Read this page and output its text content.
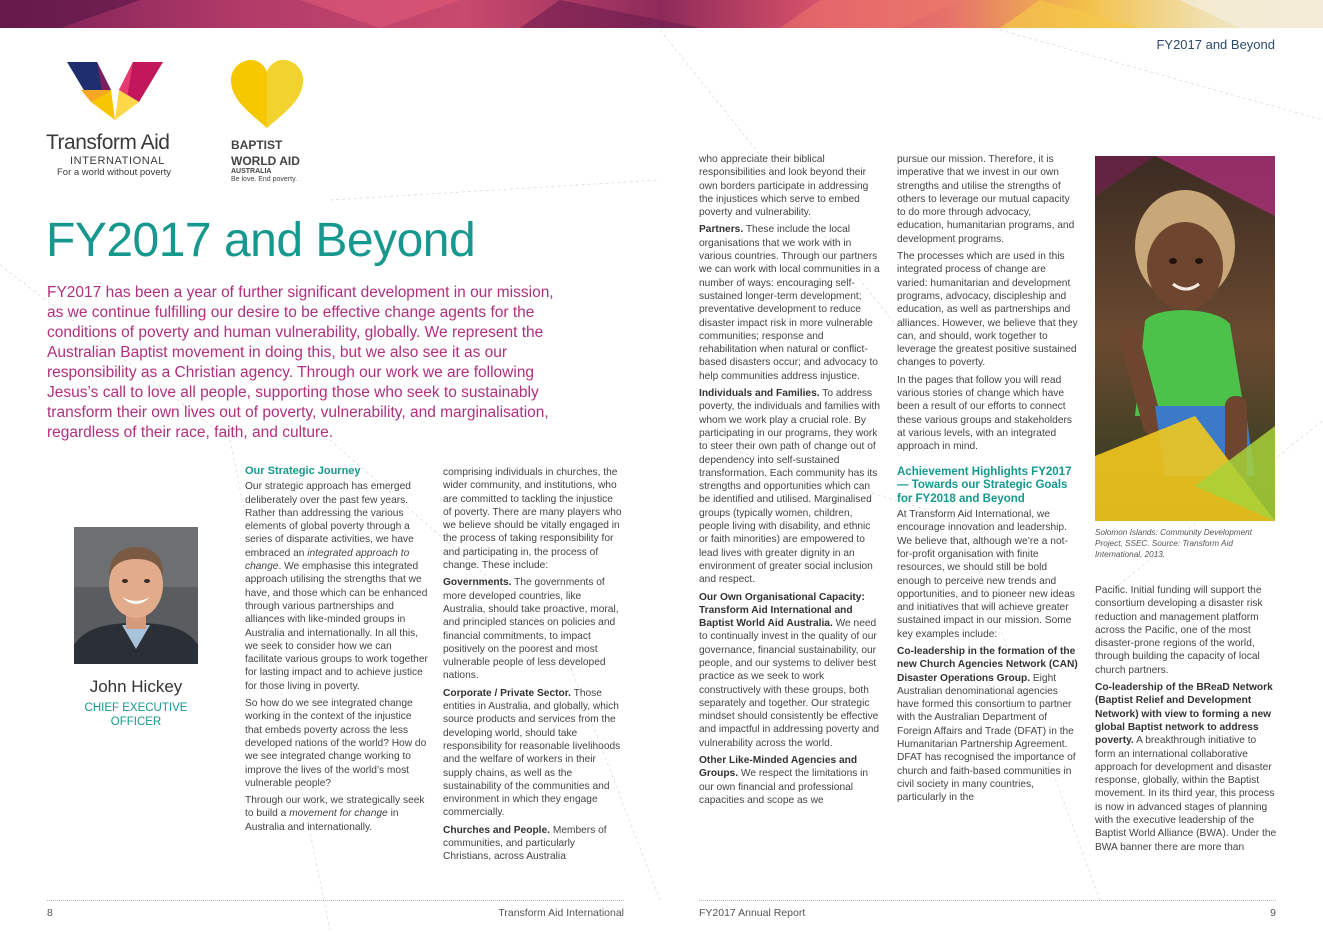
FY2017 and Beyond
Transform Aid
INTERNATIONAL
For a world without poverty
BAPTIST
WORLD AID
AUSTRALIA
Be love. End poverty.
FY2017 and Beyond

FY2017 has been a year of further significant development in our mission, as we continue fulfilling our desire to be effective change agents for the conditions of poverty and human vulnerability, globally. We represent the Australian Baptist movement in doing this, but we also see it as our responsibility as a Christian agency. Through our work we are following Jesus’s call to love all people, supporting those who seek to sustainably transform their own lives out of poverty, vulnerability, and marginalisation, regardless of their race, faith, and culture.

John Hickey
CHIEF EXECUTIVE OFFICER
Our Strategic Journey

Our strategic approach has emerged deliberately over the past few years. Rather than addressing the various elements of global poverty through a series of disparate activities, we have embraced an integrated approach to change. We emphasise this integrated approach utilising the strengths that we have, and those which can be enhanced through various partnerships and alliances with like-minded groups in Australia and internationally. In all this, we seek to consider how we can facilitate various groups to work together for lasting impact and to achieve justice for those living in poverty.

So how do we see integrated change working in the context of the injustice that embeds poverty across the less developed nations of the world? How do we see integrated change working to improve the lives of the world’s most vulnerable people?

Through our work, we strategically seek to build a movement for change in Australia and internationally.

comprising individuals in churches, the wider community, and institutions, who are committed to tackling the injustice of poverty. There are many players who we believe should be vitally engaged in the process of taking responsibility for and participating in, the process of change. These include:

Governments. The governments of more developed countries, like Australia, should take proactive, moral, and principled stances on policies and financial commitments, to impact positively on the poorest and most vulnerable people of less developed nations.

Corporate / Private Sector. Those entities in Australia, and globally, which source products and services from the developing world, should take responsibility for reasonable livelihoods and the welfare of workers in their supply chains, as well as the sustainability of the communities and environment in which they engage commercially.

Churches and People. Members of communities, and particularly Christians, across Australia

who appreciate their biblical responsibilities and look beyond their own borders participate in addressing the injustices which serve to embed poverty and vulnerability.

Partners. These include the local organisations that we work with in various countries. Through our partners we can work with local communities in a number of ways: encouraging self-sustained longer-term development; preventative development to reduce disaster impact risk in more vulnerable communities; response and rehabilitation when natural or conflict-based disasters occur; and advocacy to help communities address injustice.

Individuals and Families. To address poverty, the individuals and families with whom we work play a crucial role. By participating in our programs, they work to steer their own path of change out of dependency into self-sustained transformation. Each community has its strengths and opportunities which can be identified and utilised. Marginalised groups (typically women, children, people living with disability, and ethnic or faith minorities) are empowered to lead lives with greater dignity in an environment of greater social inclusion and respect.

Our Own Organisational Capacity: Transform Aid International and Baptist World Aid Australia. We need to continually invest in the quality of our governance, financial sustainability, our people, and our systems to deliver best practice as we seek to work constructively with these groups, both separately and together. Our strategic mindset should consistently be effective and impactful in addressing poverty and vulnerability across the world.

Other Like-Minded Agencies and Groups. We respect the limitations in our own financial and professional capacities and scope as we

pursue our mission. Therefore, it is imperative that we invest in our own strengths and utilise the strengths of others to leverage our mutual capacity to do more through advocacy, education, humanitarian programs, and development programs.

The processes which are used in this integrated process of change are varied: humanitarian and development programs, advocacy, discipleship and education, as well as partnerships and alliances. However, we believe that they can, and should, work together to leverage the greatest positive sustained changes to poverty.

In the pages that follow you will read various stories of change which have been a result of our efforts to connect these various groups and stakeholders at various levels, with an integrated approach in mind.

Achievement Highlights FY2017 — Towards our Strategic Goals for FY2018 and Beyond

At Transform Aid International, we encourage innovation and leadership. We believe that, although we’re a not-for-profit organisation with finite resources, we should still be bold enough to perceive new trends and opportunities, and to pioneer new ideas and initiatives that will achieve greater sustained impact in our mission. Some key examples include:

Co-leadership in the formation of the new Church Agencies Network (CAN) Disaster Operations Group. Eight Australian denominational agencies have formed this consortium to partner with the Australian Department of Foreign Affairs and Trade (DFAT) in the Humanitarian Partnership Agreement. DFAT has recognised the importance of church and faith-based communities in civil society in many countries, particularly in the

Solomon Islands: Community Development Project, SSEC. Source: Transform Aid International, 2013.

Pacific. Initial funding will support the consortium developing a disaster risk reduction and management platform across the Pacific, one of the most disaster-prone regions of the world, through building the capacity of local church partners.

Co-leadership of the BReaD Network (Baptist Relief and Development Network) with view to forming a new global Baptist network to address poverty. A breakthrough initiative to form an international collaborative approach for development and disaster response, globally, within the Baptist movement. In its third year, this process is now in advanced stages of planning with the executive leadership of the Baptist World Alliance (BWA). Under the BWA banner there are more than

8	Transform Aid International	FY2017 Annual Report	9
